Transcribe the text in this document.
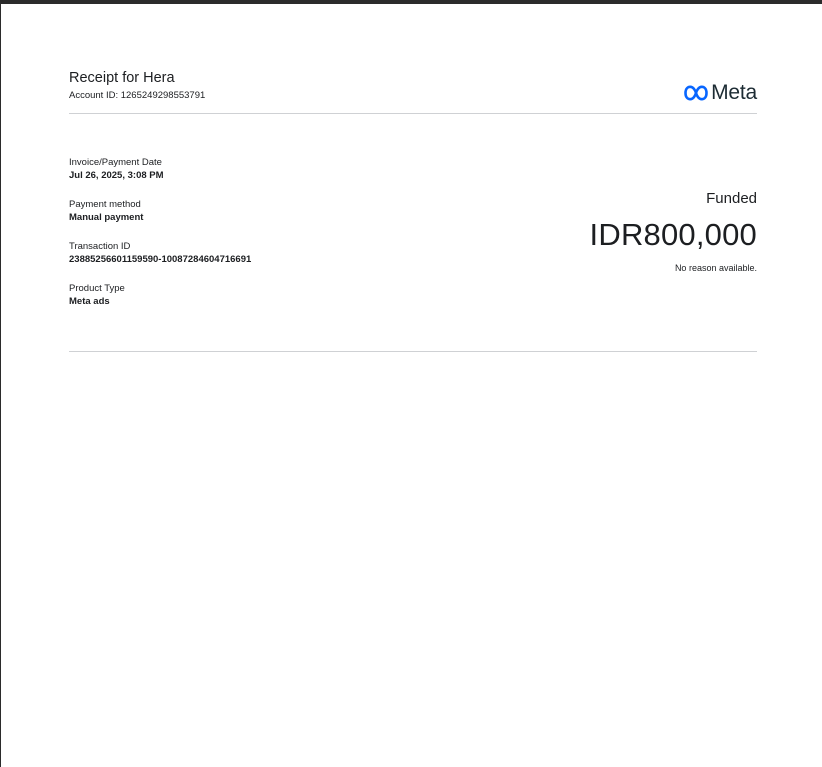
Receipt for Hera
Account ID: 1265249298553791	Meta
Invoice/Payment Date
Jul 26, 2025, 3:08 PM
Payment method
Manual payment
Transaction ID
23885256601159590-10087284604716691
Product Type
Meta ads
Funded
IDR800,000
No reason available.
